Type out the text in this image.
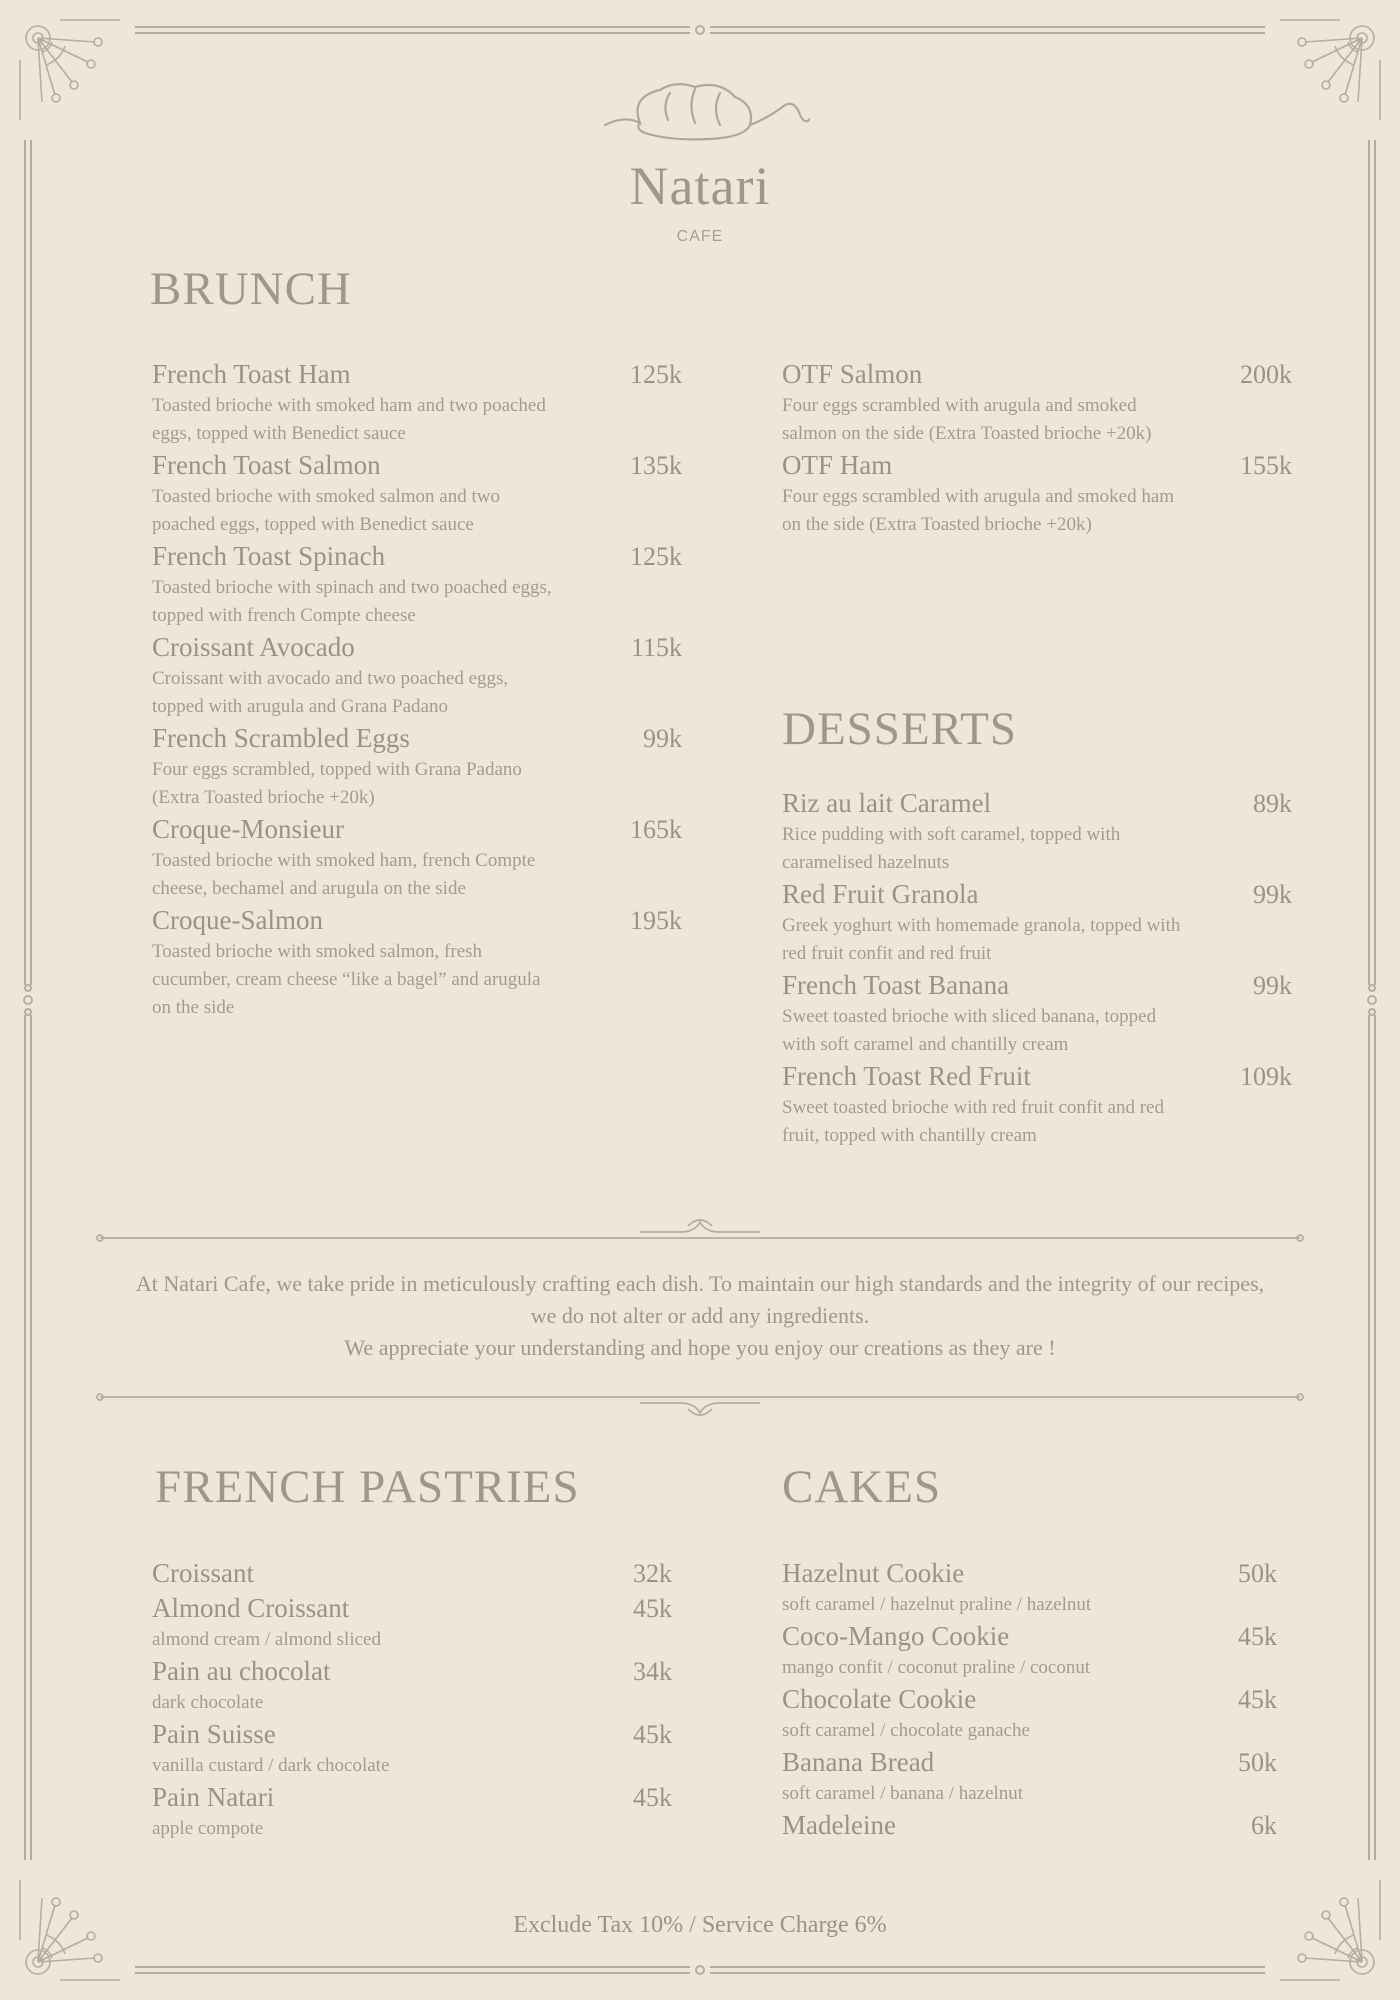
Natari
CAFE
BRUNCH
French Toast Ham	125k
Toasted brioche with smoked ham and two poached eggs, topped with Benedict sauce
French Toast Salmon	135k
Toasted brioche with smoked salmon and two poached eggs, topped with Benedict sauce
French Toast Spinach	125k
Toasted brioche with spinach and two poached eggs, topped with french Compte cheese
Croissant Avocado	115k
Croissant with avocado and two poached eggs, topped with arugula and Grana Padano
French Scrambled Eggs	99k
Four eggs scrambled, topped with Grana Padano (Extra Toasted brioche +20k)
Croque-Monsieur	165k
Toasted brioche with smoked ham, french Compte cheese, bechamel and arugula on the side
Croque-Salmon	195k
Toasted brioche with smoked salmon, fresh cucumber, cream cheese “like a bagel” and arugula on the side
OTF Salmon	200k
Four eggs scrambled with arugula and smoked salmon on the side (Extra Toasted brioche +20k)
OTF Ham	155k
Four eggs scrambled with arugula and smoked ham on the side (Extra Toasted brioche +20k)
DESSERTS
Riz au lait Caramel	89k
Rice pudding with soft caramel, topped with caramelised hazelnuts
Red Fruit Granola	99k
Greek yoghurt with homemade granola, topped with red fruit confit and red fruit
French Toast Banana	99k
Sweet toasted brioche with sliced banana, topped with soft caramel and chantilly cream
French Toast Red Fruit	109k
Sweet toasted brioche with red fruit confit and red fruit, topped with chantilly cream

At Natari Cafe, we take pride in meticulously crafting each dish. To maintain our high standards and the integrity of our recipes, we do not alter or add any ingredients.

We appreciate your understanding and hope you enjoy our creations as they are !

FRENCH PASTRIES
Croissant	32k
Almond Croissant	45k
almond cream / almond sliced
Pain au chocolat	34k
dark chocolate
Pain Suisse	45k
vanilla custard / dark chocolate
Pain Natari	45k
apple compote
CAKES
Hazelnut Cookie	50k
soft caramel / hazelnut praline / hazelnut
Coco-Mango Cookie	45k
mango confit / coconut praline / coconut
Chocolate Cookie	45k
soft caramel / chocolate ganache
Banana Bread	50k
soft caramel / banana / hazelnut
Madeleine	6k
Exclude Tax 10% / Service Charge 6%
